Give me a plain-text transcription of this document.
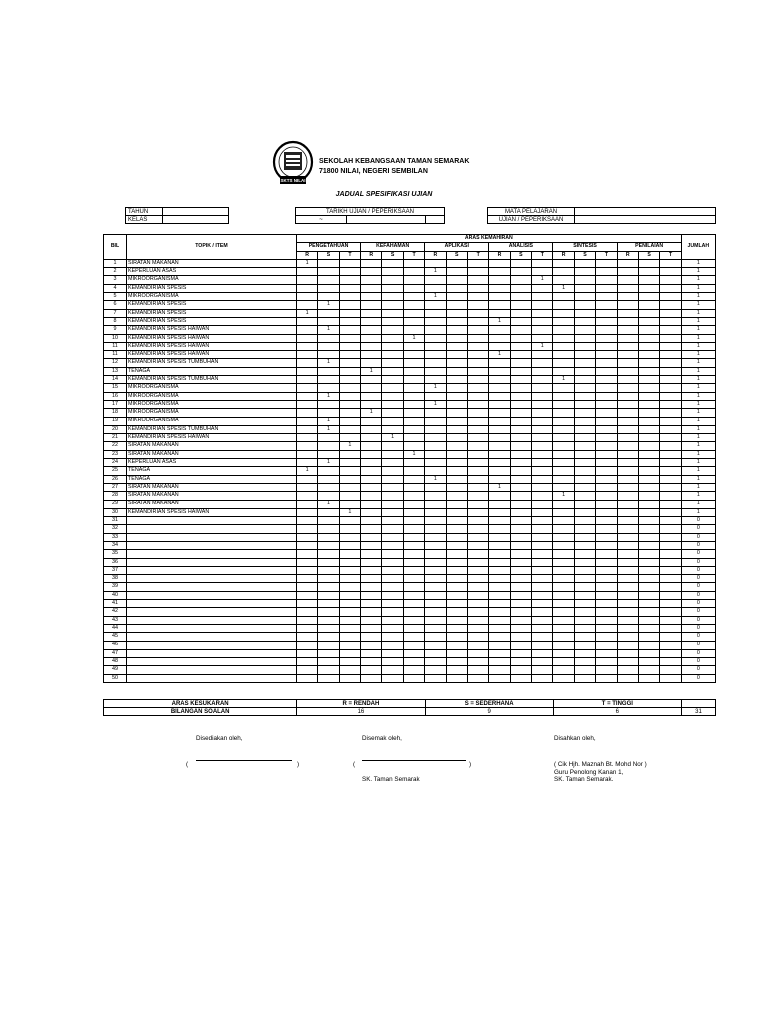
SKTS NILAI
SEKOLAH KEBANGSAAN TAMAN SEMARAK
71800 NILAI, NEGERI SEMBILAN
JADUAL SPESIFIKASI UJIAN
TAHUN	
KELAS	
TARIKH UJIAN / PEPERIKSAAN
~		
MATA PELAJARAN	
UJIAN / PEPERIKSAAN	
BIL	TOPIK / ITEM	ARAS KEMAHIRAN																		JUMLAH
		PENGETAHUAN			KEFAHAMAN			APLIKASI			ANALISIS			SINTESIS			PENILAIAN			
		R	S	T	R	S	T	R	S	T	R	S	T	R	S	T	R	S	T	
1	SIRATAN MAKANAN	1																		1
2	KEPERLUAN ASAS							1												1
3	MIKROORGANISMA												1							1
4	KEMANDIRIAN SPESIS													1						1
5	MIKROORGANISMA							1												1
6	KEMANDIRIAN SPESIS		1																	1
7	KEMANDIRIAN SPESIS	1																		1
8	KEMANDIRIAN SPESIS										1									1
9	KEMANDIRIAN SPESIS HAIWAN		1																	1
10	KEMANDIRIAN SPESIS HAIWAN						1													1
11	KEMANDIRIAN SPESIS HAIWAN												1							1
11	KEMANDIRIAN SPESIS HAIWAN										1									1
12	KEMANDIRIAN SPESIS TUMBUHAN		1																	1
13	TENAGA				1															1
14	KEMANDIRIAN SPESIS TUMBUHAN													1						1
15	MIKROORGANISMA							1												1
16	MIKROORGANISMA		1																	1
17	MIKROORGANISMA							1												1
18	MIKROORGANISMA				1															1
19	MIKROORGANISMA		1																	1
20	KEMANDIRIAN SPESIS TUMBUHAN		1																	1
21	KEMANDIRIAN SPESIS HAIWAN					1														1
22	SIRATAN MAKANAN			1																1
23	SIRATAN MAKANAN						1													1
24	KEPERLUAN ASAS		1																	1
25	TENAGA	1																		1
26	TENAGA							1												1
27	SIRATAN MAKANAN										1									1
28	SIRATAN MAKANAN													1						1
29	SIRATAN MAKANAN		1																	1
30	KEMANDIRIAN SPESIS HAIWAN			1																1
31																				0
32																				0
33																				0
34																				0
35																				0
36																				0
37																				0
38																				0
39																				0
40																				0
41																				0
42																				0
43																				0
44																				0
45																				0
46																				0
47																				0
48																				0
49																				0
50																				0
ARAS KESUKARAN	R = RENDAH	S = SEDERHANA	T = TINGGI	
BILANGAN SOALAN	16	9	6	31
Disediakan oleh,	Disemak oleh,	Disahkan oleh,
(	)	(	)
SK. Taman Semarak
( Cik Hjh. Maznah Bt. Mohd Nor )
Guru Penolong Kanan 1,
SK. Taman Semarak.
